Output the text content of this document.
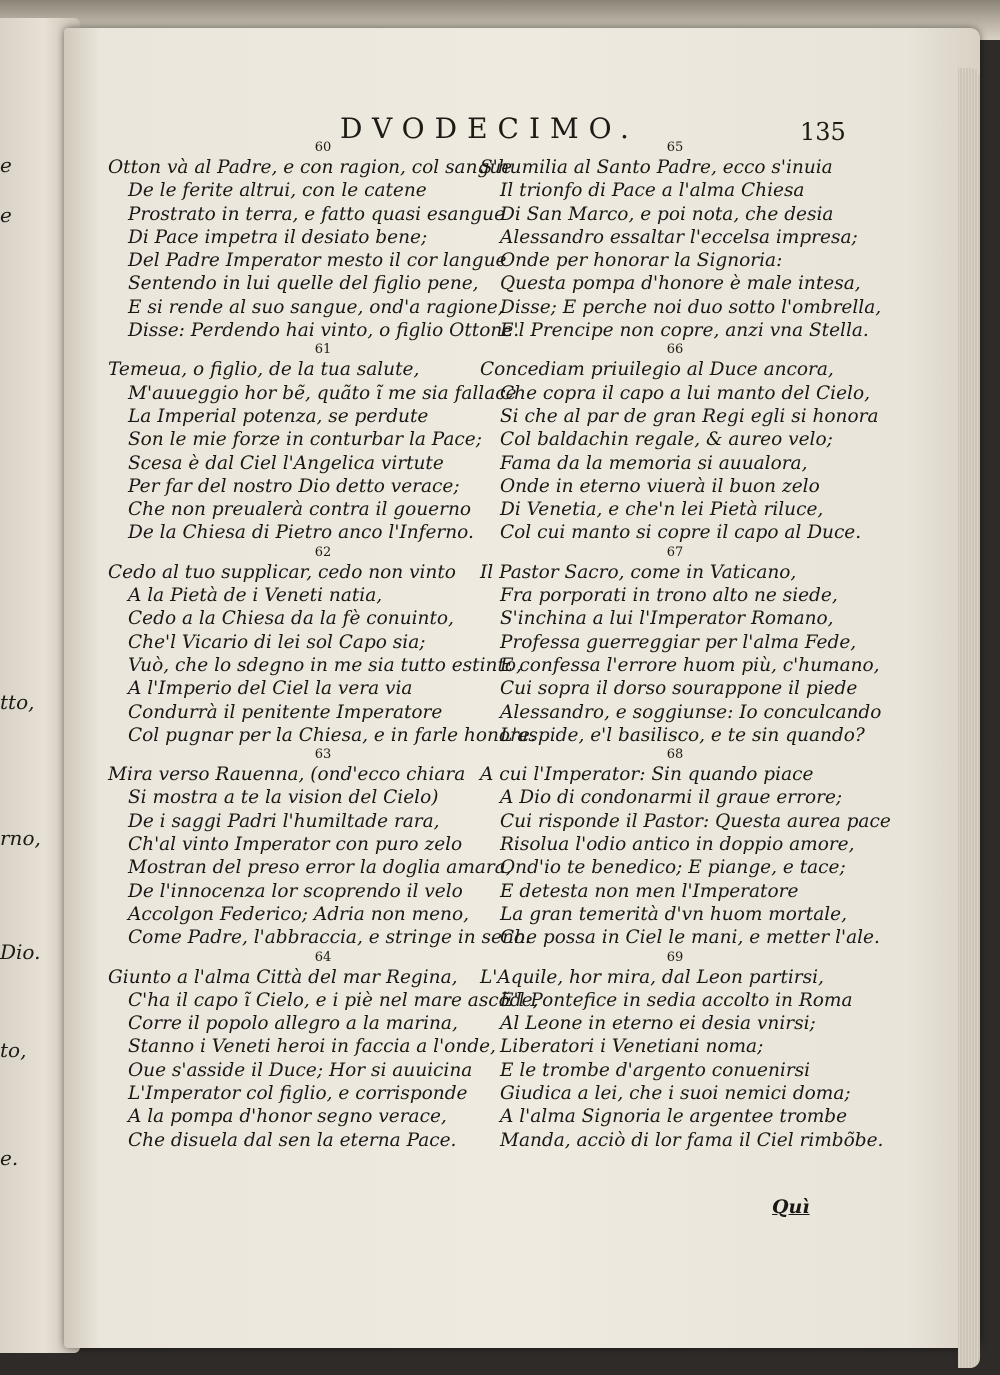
e
e
tto,
rno,
Dio.
to,
e.
DVODECIMO.	135
60
Otton và al Padre, e con ragion, col sangue
De le ferite altrui, con le catene
Prostrato in terra, e fatto quasi esangue
Di Pace impetra il desiato bene;
Del Padre Imperator mesto il cor langue
Sentendo in lui quelle del figlio pene,
E si rende al suo sangue, ond'a ragione,
Disse: Perdendo hai vinto, o figlio Ottone.
61
Temeua, o figlio, de la tua salute,
M'auueggio hor bẽ, quãto ĩ me sia fallace
La Imperial potenza, se perdute
Son le mie forze in conturbar la Pace;
Scesa è dal Ciel l'Angelica virtute
Per far del nostro Dio detto verace;
Che non preualerà contra il gouerno
De la Chiesa di Pietro anco l'Inferno.
62
Cedo al tuo supplicar, cedo non vinto
A la Pietà de i Veneti natia,
Cedo a la Chiesa da la fè conuinto,
Che'l Vicario di lei sol Capo sia;
Vuò, che lo sdegno in me sia tutto estinto,
A l'Imperio del Ciel la vera via
Condurrà il penitente Imperatore
Col pugnar per la Chiesa, e in farle honore.
63
Mira verso Rauenna, (ond'ecco chiara
Si mostra a te la vision del Cielo)
De i saggi Padri l'humiltade rara,
Ch'al vinto Imperator con puro zelo
Mostran del preso error la doglia amara,
De l'innocenza lor scoprendo il velo
Accolgon Federico; Adria non meno,
Come Padre, l'abbraccia, e stringe in seno.
64
Giunto a l'alma Città del mar Regina,
C'ha il capo ĩ Cielo, e i piè nel mare ascõde,
Corre il popolo allegro a la marina,
Stanno i Veneti heroi in faccia a l'onde,
Oue s'asside il Duce; Hor si auuicina
L'Imperator col figlio, e corrisponde
A la pompa d'honor segno verace,
Che disuela dal sen la eterna Pace.
65
S'humilia al Santo Padre, ecco s'inuia
Il trionfo di Pace a l'alma Chiesa
Di San Marco, e poi nota, che desia
Alessandro essaltar l'eccelsa impresa;
Onde per honorar la Signoria:
Questa pompa d'honore è male intesa,
Disse; E perche noi duo sotto l'ombrella,
E'l Prencipe non copre, anzi vna Stella.
66
Concediam priuilegio al Duce ancora,
Che copra il capo a lui manto del Cielo,
Si che al par de gran Regi egli si honora
Col baldachin regale, & aureo velo;
Fama da la memoria si auualora,
Onde in eterno viuerà il buon zelo
Di Venetia, e che'n lei Pietà riluce,
Col cui manto si copre il capo al Duce.
67
Il Pastor Sacro, come in Vaticano,
Fra porporati in trono alto ne siede,
S'inchina a lui l'Imperator Romano,
Professa guerreggiar per l'alma Fede,
E confessa l'errore huom più, c'humano,
Cui sopra il dorso sourappone il piede
Alessandro, e soggiunse: Io conculcando
L'aspide, e'l basilisco, e te sin quando?
68
A cui l'Imperator: Sin quando piace
A Dio di condonarmi il graue errore;
Cui risponde il Pastor: Questa aurea pace
Risolua l'odio antico in doppio amore,
Ond'io te benedico; E piange, e tace;
E detesta non men l'Imperatore
La gran temerità d'vn huom mortale,
Che possa in Ciel le mani, e metter l'ale.
69
L'Aquile, hor mira, dal Leon partirsi,
E'l Pontefice in sedia accolto in Roma
Al Leone in eterno ei desia vnirsi;
Liberatori i Venetiani noma;
E le trombe d'argento conuenirsi
Giudica a lei, che i suoi nemici doma;
A l'alma Signoria le argentee trombe
Manda, acciò di lor fama il Ciel rimbõbe.
Quì
